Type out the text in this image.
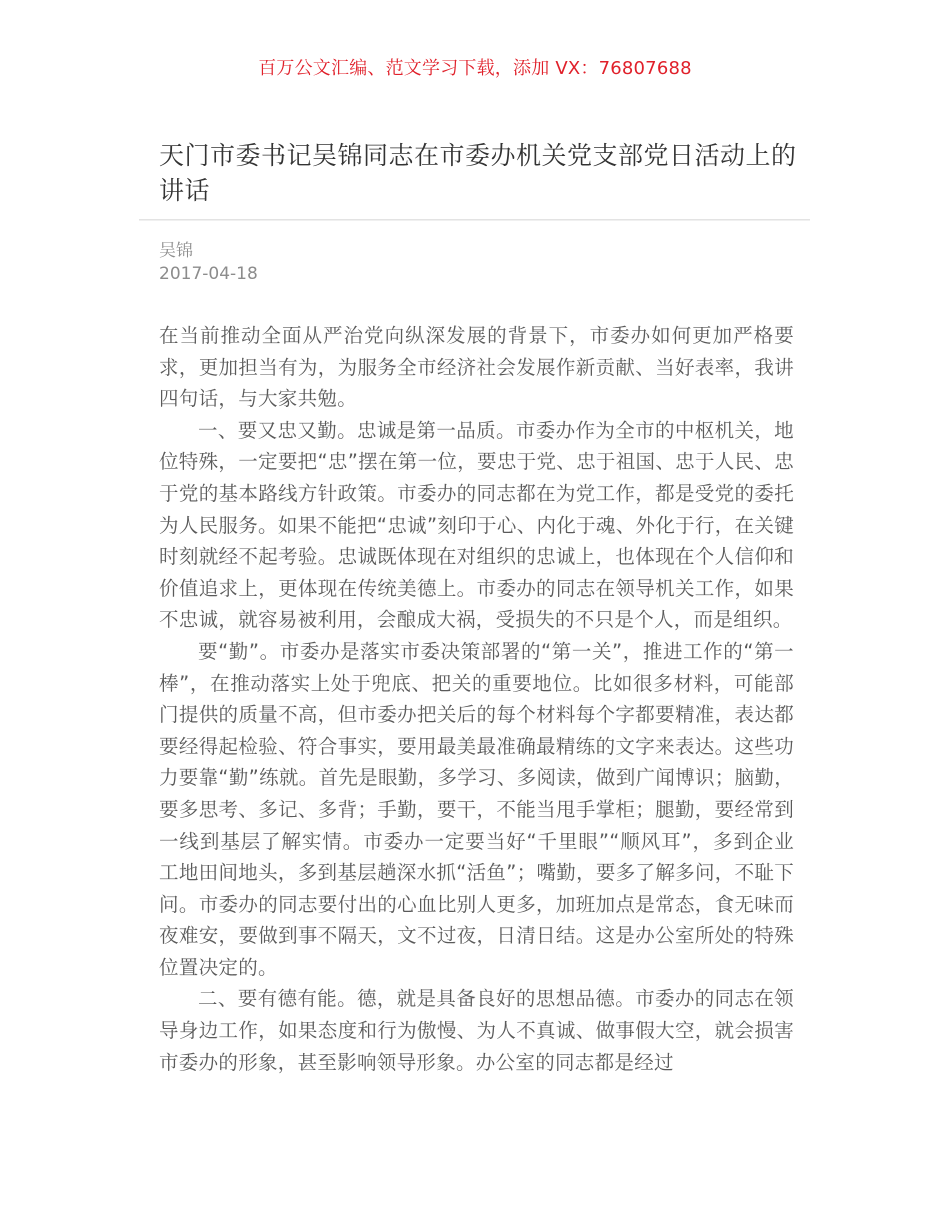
百万公文汇编、范文学习下载，添加 VX：76807688
天门市委书记吴锦同志在市委办机关党支部党日活动上的讲话
吴锦
2017-04-18

在当前推动全面从严治党向纵深发展的背景下，市委办如何更加严格要求，更加担当有为，为服务全市经济社会发展作新贡献、当好表率，我讲四句话，与大家共勉。

一、要又忠又勤。忠诚是第一品质。市委办作为全市的中枢机关，地位特殊，一定要把“忠”摆在第一位，要忠于党、忠于祖国、忠于人民、忠于党的基本路线方针政策。市委办的同志都在为党工作，都是受党的委托为人民服务。如果不能把“忠诚”刻印于心、内化于魂、外化于行，在关键时刻就经不起考验。忠诚既体现在对组织的忠诚上，也体现在个人信仰和价值追求上，更体现在传统美德上。市委办的同志在领导机关工作，如果不忠诚，就容易被利用，会酿成大祸，受损失的不只是个人，而是组织。

要“勤”。市委办是落实市委决策部署的“第一关”，推进工作的“第一棒”，在推动落实上处于兜底、把关的重要地位。比如很多材料，可能部门提供的质量不高，但市委办把关后的每个材料每个字都要精准，表达都要经得起检验、符合事实，要用最美最准确最精练的文字来表达。这些功力要靠“勤”练就。首先是眼勤，多学习、多阅读，做到广闻博识；脑勤，要多思考、多记、多背；手勤，要干，不能当甩手掌柜；腿勤，要经常到一线到基层了解实情。市委办一定要当好“千里眼”“顺风耳”，多到企业工地田间地头，多到基层趟深水抓“活鱼”；嘴勤，要多了解多问，不耻下问。市委办的同志要付出的心血比别人更多，加班加点是常态，食无味而夜难安，要做到事不隔天，文不过夜，日清日结。这是办公室所处的特殊位置决定的。

二、要有德有能。德，就是具备良好的思想品德。市委办的同志在领导身边工作，如果态度和行为傲慢、为人不真诚、做事假大空，就会损害市委办的形象，甚至影响领导形象。办公室的同志都是经过
